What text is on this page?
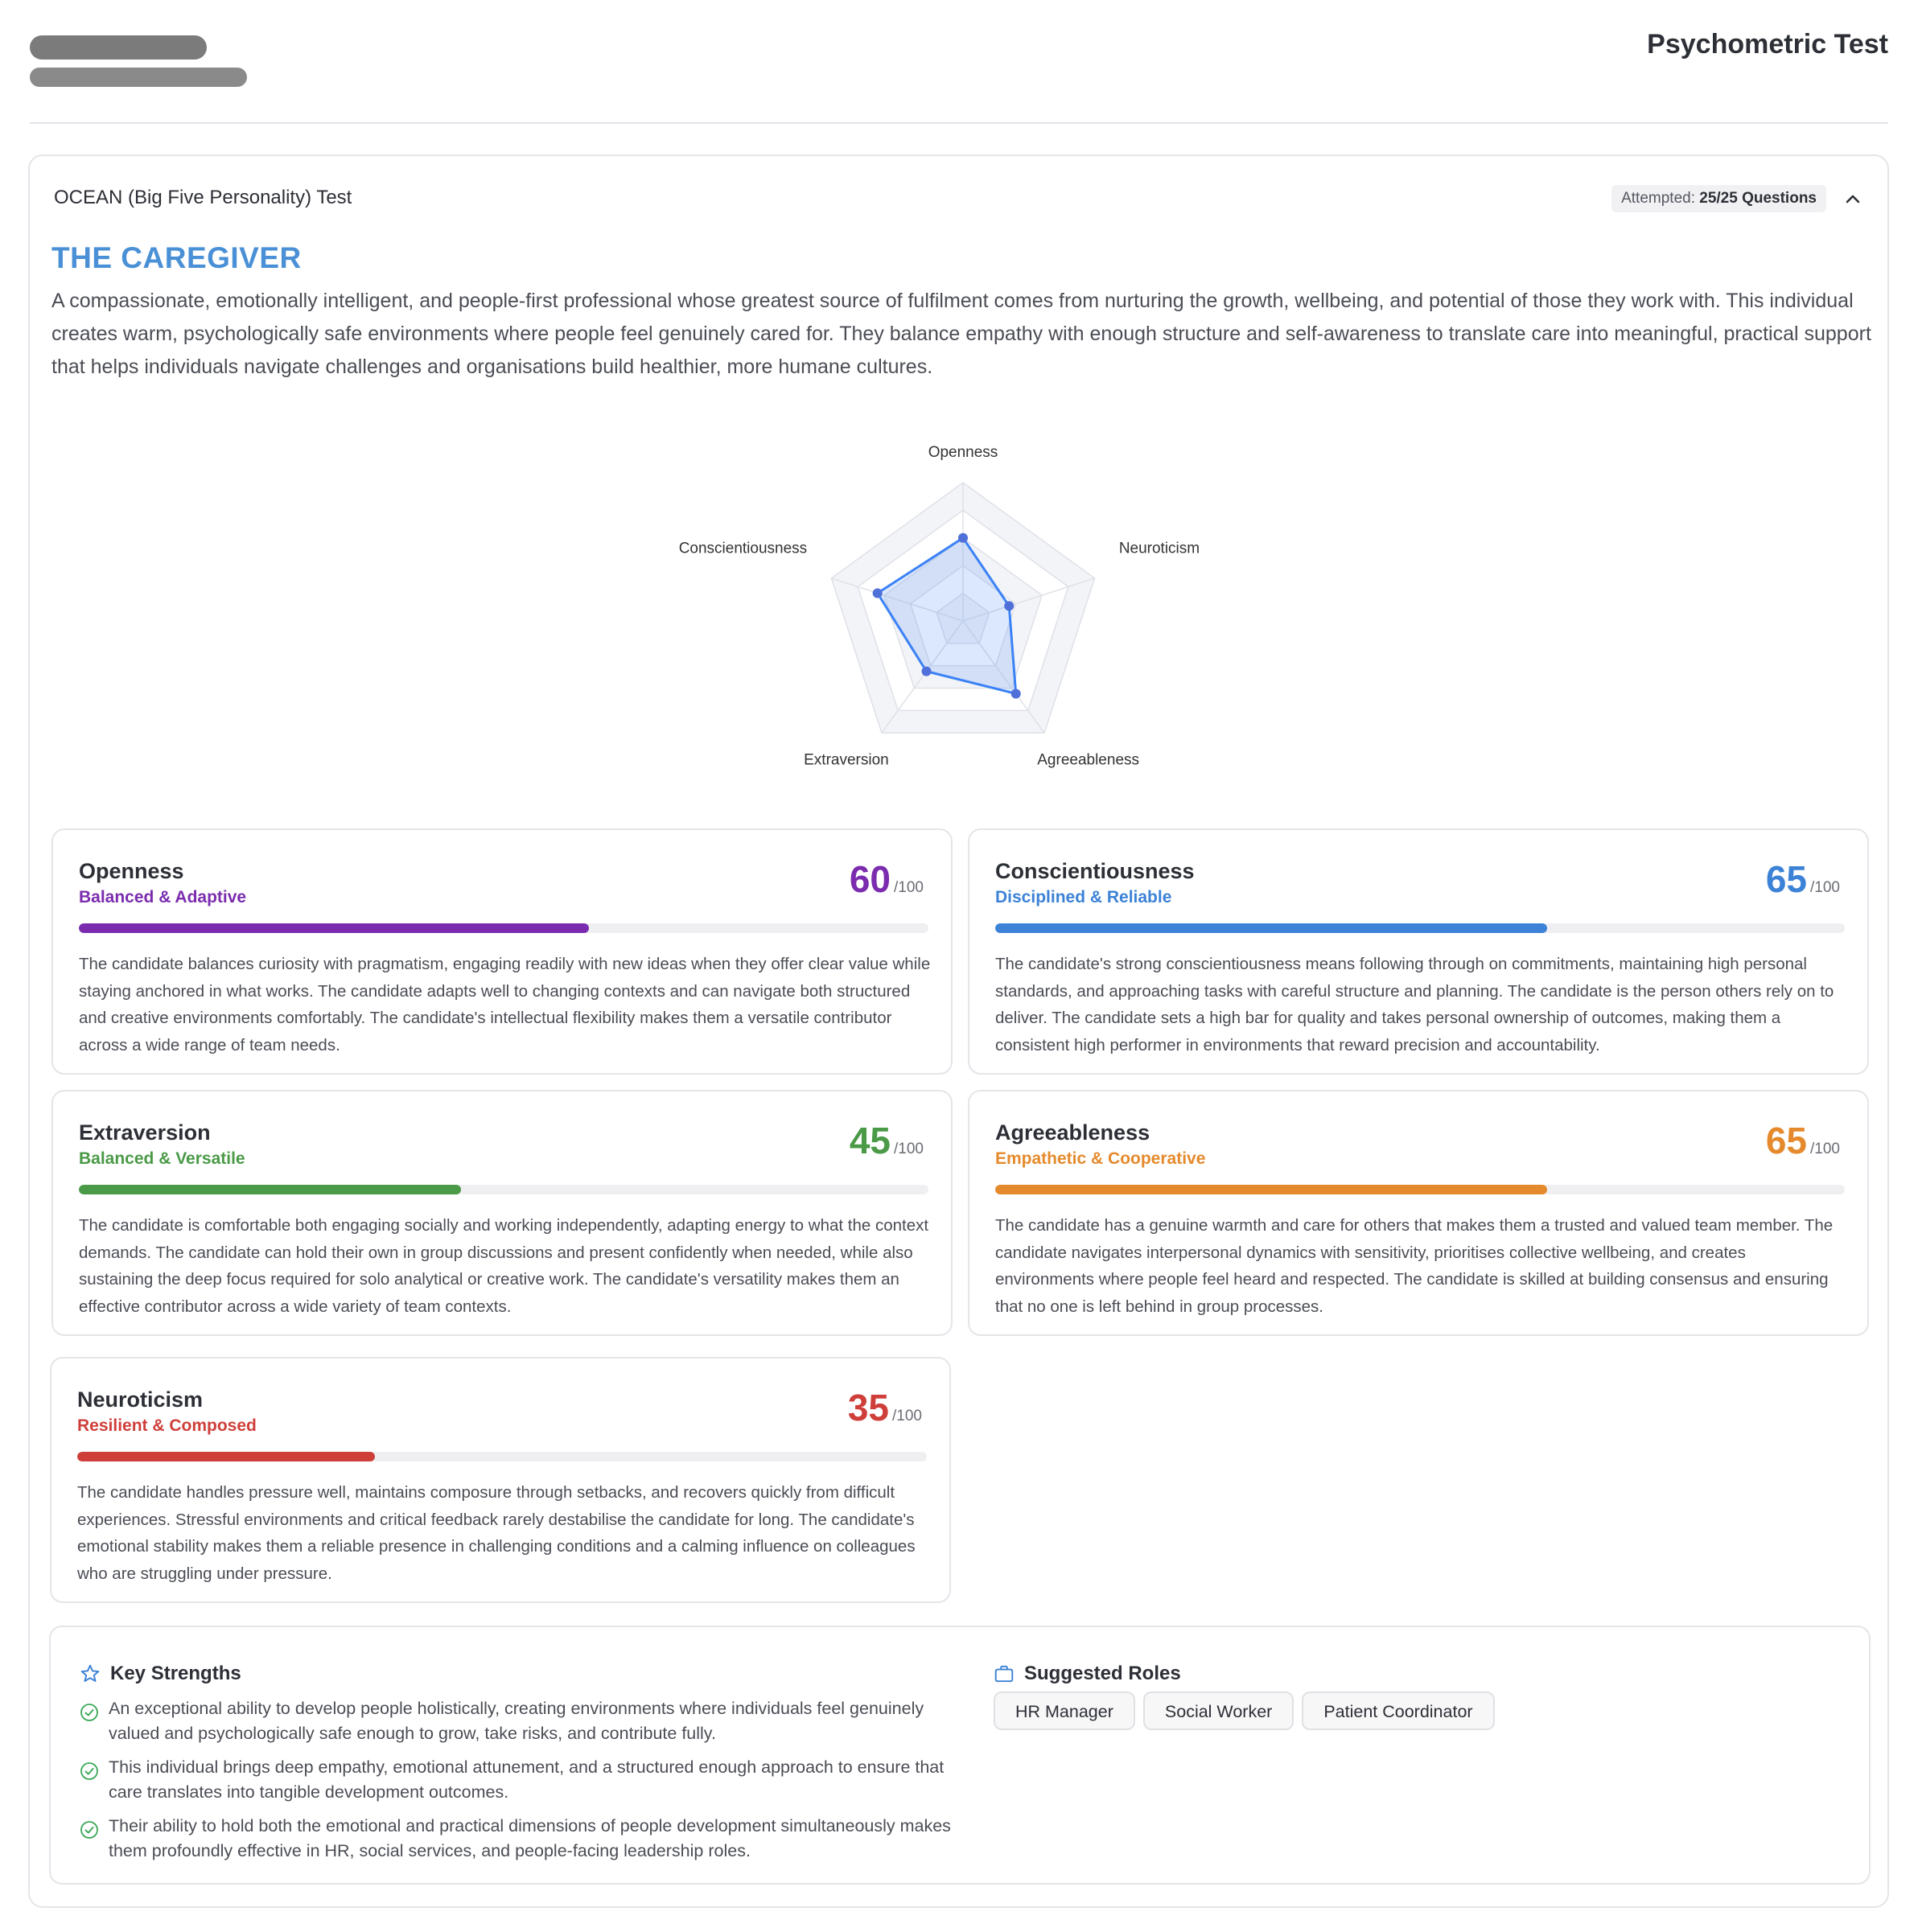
Psychometric Test
OCEAN (Big Five Personality) Test	Attempted: 25/25 Questions
THE CAREGIVER
A compassionate, emotionally intelligent, and people-first professional whose greatest source of fulfilment comes from nurturing the growth, wellbeing, and potential of those they work with. This individual creates warm, psychologically safe environments where people feel genuinely cared for. They balance empathy with enough structure and self-awareness to translate care into meaningful, practical support that helps individuals navigate challenges and organisations build healthier, more humane cultures.
Openness
Neuroticism
Agreeableness
Extraversion
Conscientiousness
Openness
Balanced & Adaptive	60 /100
The candidate balances curiosity with pragmatism, engaging readily with new ideas when they offer clear value while staying anchored in what works. The candidate adapts well to changing contexts and can navigate both structured and creative environments comfortably. The candidate's intellectual flexibility makes them a versatile contributor across a wide range of team needs.
Conscientiousness
Disciplined & Reliable	65 /100
The candidate's strong conscientiousness means following through on commitments, maintaining high personal standards, and approaching tasks with careful structure and planning. The candidate is the person others rely on to deliver. The candidate sets a high bar for quality and takes personal ownership of outcomes, making them a consistent high performer in environments that reward precision and accountability.
Extraversion
Balanced & Versatile	45 /100
The candidate is comfortable both engaging socially and working independently, adapting energy to what the context demands. The candidate can hold their own in group discussions and present confidently when needed, while also sustaining the deep focus required for solo analytical or creative work. The candidate's versatility makes them an effective contributor across a wide variety of team contexts.
Agreeableness
Empathetic & Cooperative	65 /100
The candidate has a genuine warmth and care for others that makes them a trusted and valued team member. The candidate navigates interpersonal dynamics with sensitivity, prioritises collective wellbeing, and creates environments where people feel heard and respected. The candidate is skilled at building consensus and ensuring that no one is left behind in group processes.
Neuroticism
Resilient & Composed	35 /100
The candidate handles pressure well, maintains composure through setbacks, and recovers quickly from difficult experiences. Stressful environments and critical feedback rarely destabilise the candidate for long. The candidate's emotional stability makes them a reliable presence in challenging conditions and a calming influence on colleagues who are struggling under pressure.
Key Strengths
An exceptional ability to develop people holistically, creating environments where individuals feel genuinely valued and psychologically safe enough to grow, take risks, and contribute fully.
This individual brings deep empathy, emotional attunement, and a structured enough approach to ensure that care translates into tangible development outcomes.
Their ability to hold both the emotional and practical dimensions of people development simultaneously makes them profoundly effective in HR, social services, and people-facing leadership roles.
Suggested Roles
HR Manager	Social Worker	Patient Coordinator
